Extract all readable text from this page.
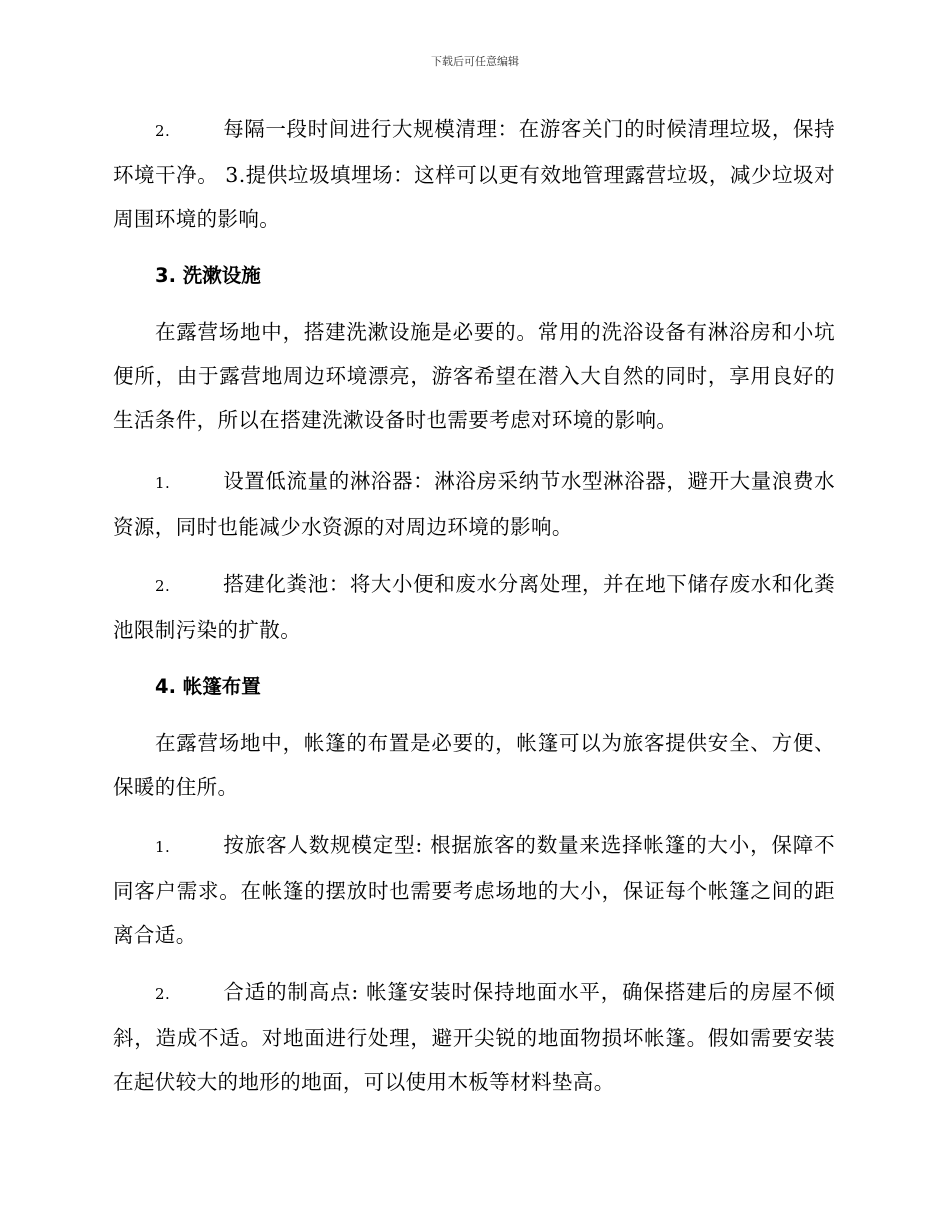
下载后可任意编辑

2.	每隔一段时间进行大规模清理：在游客关门的时候清理垃圾，保持环境干净。 3.提供垃圾填埋场：这样可以更有效地管理露营垃圾，减少垃圾对周围环境的影响。

3. 洗漱设施

在露营场地中，搭建洗漱设施是必要的。常用的洗浴设备有淋浴房和小坑便所，由于露营地周边环境漂亮，游客希望在潜入大自然的同时，享用良好的生活条件，所以在搭建洗漱设备时也需要考虑对环境的影响。

1.	设置低流量的淋浴器：淋浴房采纳节水型淋浴器，避开大量浪费水资源，同时也能减少水资源的对周边环境的影响。

2.	搭建化粪池：将大小便和废水分离处理，并在地下储存废水和化粪池限制污染的扩散。

4. 帐篷布置

在露营场地中，帐篷的布置是必要的，帐篷可以为旅客提供安全、方便、保暖的住所。

1.	按旅客人数规模定型: 根据旅客的数量来选择帐篷的大小，保障不同客户需求。在帐篷的摆放时也需要考虑场地的大小，保证每个帐篷之间的距离合适。

2.	合适的制高点: 帐篷安装时保持地面水平，确保搭建后的房屋不倾斜，造成不适。对地面进行处理，避开尖锐的地面物损坏帐篷。假如需要安装在起伏较大的地形的地面，可以使用木板等材料垫高。
